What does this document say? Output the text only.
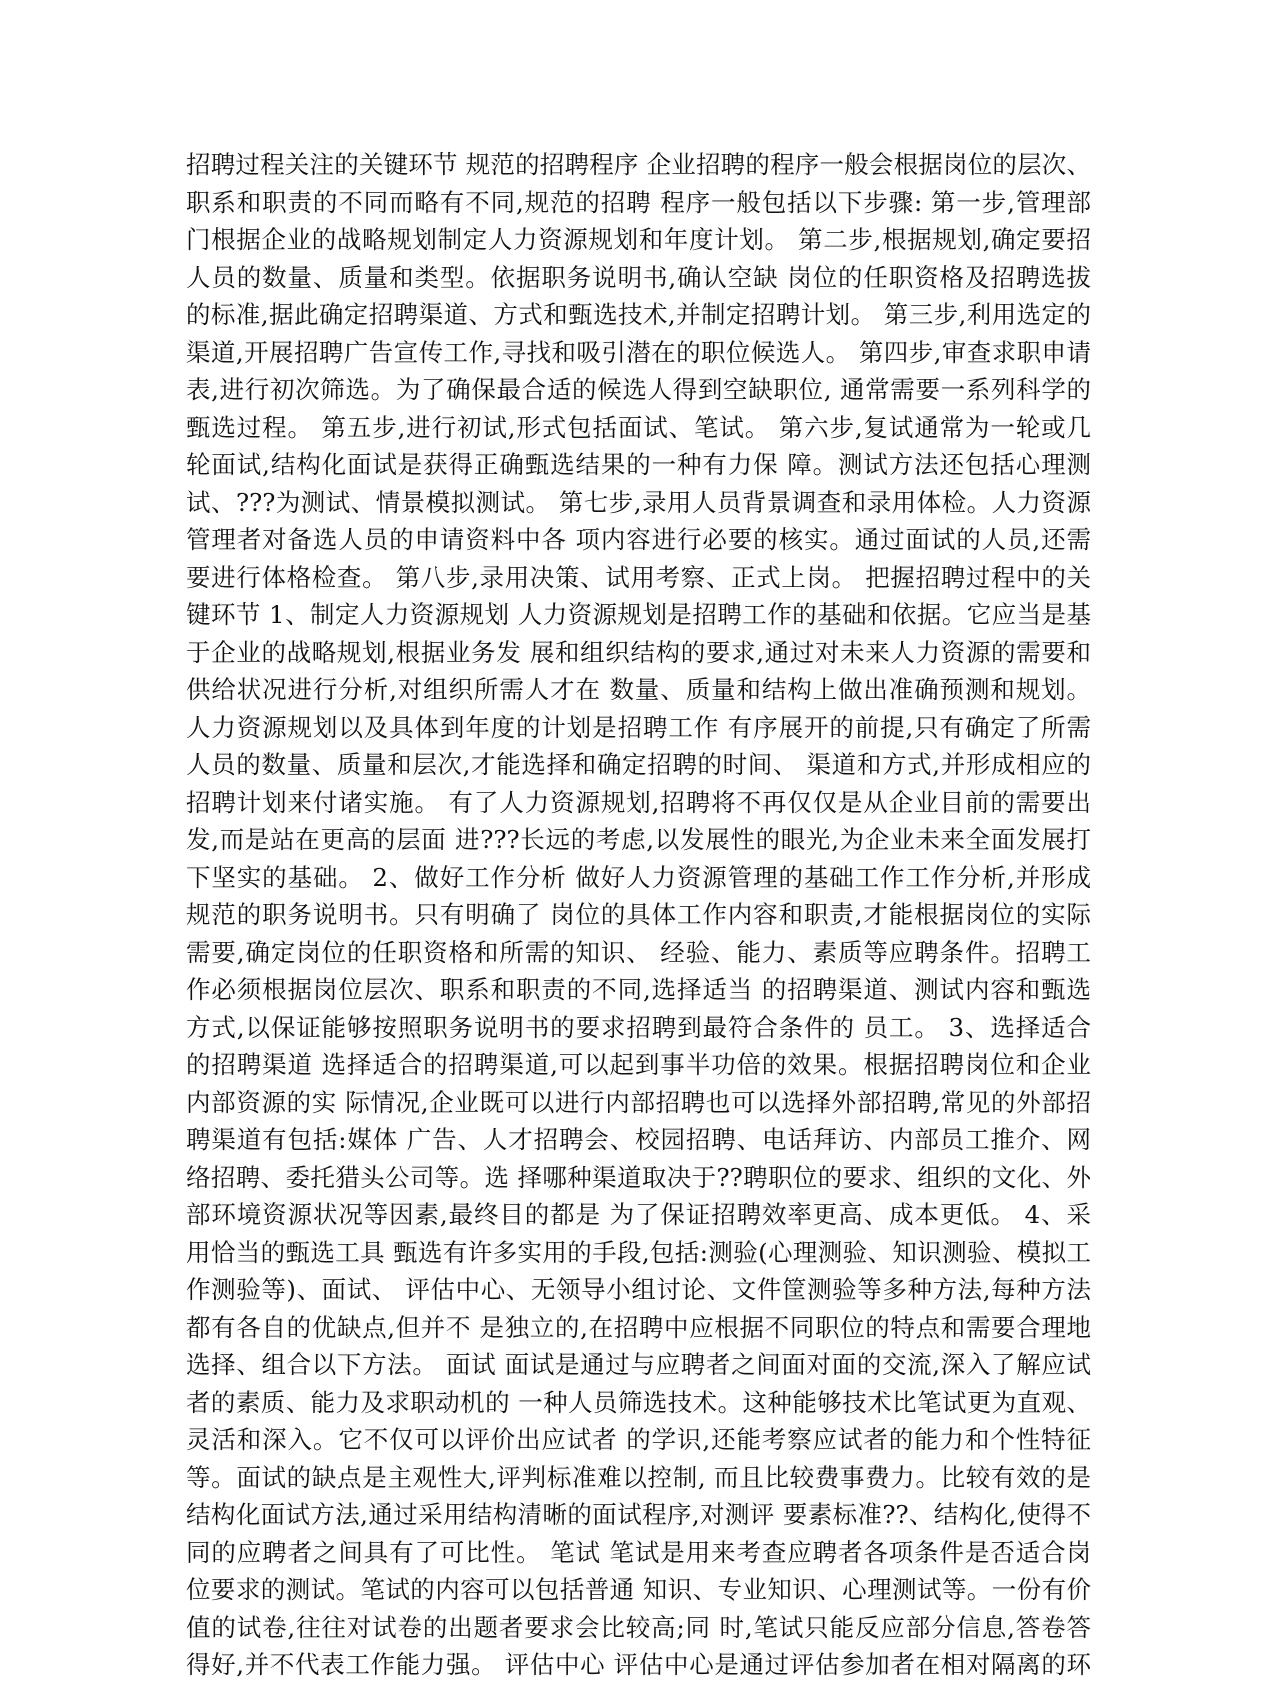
招聘过程关注的关键环节 规范的招聘程序 企业招聘的程序一般会根据岗位的层次、
职系和职责的不同而略有不同,规范的招聘 程序一般包括以下步骤: 第一步,管理部
门根据企业的战略规划制定人力资源规划和年度计划。 第二步,根据规划,确定要招
人员的数量、质量和类型。依据职务说明书,确认空缺 岗位的任职资格及招聘选拔
的标准,据此确定招聘渠道、方式和甄选技术,并制定招聘计划。 第三步,利用选定的
渠道,开展招聘广告宣传工作,寻找和吸引潜在的职位候选人。 第四步,审查求职申请
表,进行初次筛选。为了确保最合适的候选人得到空缺职位, 通常需要一系列科学的
甄选过程。 第五步,进行初试,形式包括面试、笔试。 第六步,复试通常为一轮或几
轮面试,结构化面试是获得正确甄选结果的一种有力保 障。测试方法还包括心理测
试、???为测试、情景模拟测试。 第七步,录用人员背景调查和录用体检。人力资源
管理者对备选人员的申请资料中各 项内容进行必要的核实。通过面试的人员,还需
要进行体格检查。 第八步,录用决策、试用考察、正式上岗。 把握招聘过程中的关
键环节 1、制定人力资源规划 人力资源规划是招聘工作的基础和依据。它应当是基
于企业的战略规划,根据业务发 展和组织结构的要求,通过对未来人力资源的需要和
供给状况进行分析,对组织所需人才在 数量、质量和结构上做出准确预测和规划。
人力资源规划以及具体到年度的计划是招聘工作 有序展开的前提,只有确定了所需
人员的数量、质量和层次,才能选择和确定招聘的时间、 渠道和方式,并形成相应的
招聘计划来付诸实施。 有了人力资源规划,招聘将不再仅仅是从企业目前的需要出
发,而是站在更高的层面 进???长远的考虑,以发展性的眼光,为企业未来全面发展打
下坚实的基础。 2、做好工作分析 做好人力资源管理的基础工作工作分析,并形成
规范的职务说明书。只有明确了 岗位的具体工作内容和职责,才能根据岗位的实际
需要,确定岗位的任职资格和所需的知识、 经验、能力、素质等应聘条件。招聘工
作必须根据岗位层次、职系和职责的不同,选择适当 的招聘渠道、测试内容和甄选
方式,以保证能够按照职务说明书的要求招聘到最符合条件的 员工。 3、选择适合
的招聘渠道 选择适合的招聘渠道,可以起到事半功倍的效果。根据招聘岗位和企业
内部资源的实 际情况,企业既可以进行内部招聘也可以选择外部招聘,常见的外部招
聘渠道有包括:媒体 广告、人才招聘会、校园招聘、电话拜访、内部员工推介、网
络招聘、委托猎头公司等。选 择哪种渠道取决于??聘职位的要求、组织的文化、外
部环境资源状况等因素,最终目的都是 为了保证招聘效率更高、成本更低。 4、采
用恰当的甄选工具 甄选有许多实用的手段,包括:测验(心理测验、知识测验、模拟工
作测验等)、面试、 评估中心、无领导小组讨论、文件筐测验等多种方法,每种方法
都有各自的优缺点,但并不 是独立的,在招聘中应根据不同职位的特点和需要合理地
选择、组合以下方法。 面试 面试是通过与应聘者之间面对面的交流,深入了解应试
者的素质、能力及求职动机的 一种人员筛选技术。这种能够技术比笔试更为直观、
灵活和深入。它不仅可以评价出应试者 的学识,还能考察应试者的能力和个性特征
等。面试的缺点是主观性大,评判标准难以控制, 而且比较费事费力。比较有效的是
结构化面试方法,通过采用结构清晰的面试程序,对测评 要素标准??、结构化,使得不
同的应聘者之间具有了可比性。 笔试 笔试是用来考查应聘者各项条件是否适合岗
位要求的测试。笔试的内容可以包括普通 知识、专业知识、心理测试等。一份有价
值的试卷,往往对试卷的出题者要求会比较高;同 时,笔试只能反应部分信息,答卷答
得好,并不代表工作能力强。 评估中心 评估中心是通过评估参加者在相对隔离的环
